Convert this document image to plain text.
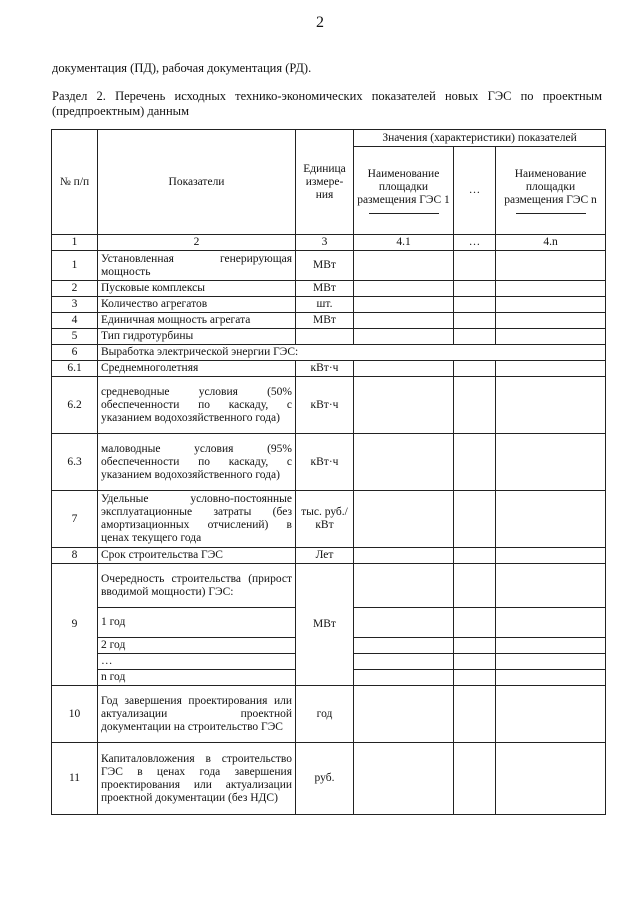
2
документация (ПД), рабочая документация (РД).
Раздел 2. Перечень исходных технико-экономических показателей новых ГЭС по проектным (предпроектным) данным
№ п/п	Показатели	Единица измере-ния	Значения (характеристики) показателей		
			Наименование площадки размещения ГЭС 1	…	Наименование площадки размещения ГЭС n

1	2	3	4.1	…	4.n
1	Установленная генерирующая мощность	МВт			
2	Пусковые комплексы	МВт			
3	Количество агрегатов	шт.			
4	Единичная мощность агрегата	МВт			
5	Тип гидротурбины				
6	Выработка электрической энергии ГЭС:				
6.1	Среднемноголетняя	кВт·ч			
6.2	средневодные условия (50% обеспеченности по каскаду, с указанием водохозяйственного года)	кВт·ч			
6.3	маловодные условия (95% обеспеченности по каскаду, с указанием водохозяйственного года)	кВт·ч			
7	Удельные условно-постоянные эксплуатационные затраты (без амортизационных отчислений) в ценах текущего года	тыс. руб./кВт			
8	Срок строительства ГЭС	Лет			
9	Очередность строительства (прирост вводимой мощности) ГЭС:	МВт			
	1 год				
	2 год				
	…				
	n год				
10	Год завершения проектирования или актуализации проектной документации на строительство ГЭС	год			
11	Капиталовложения в строительство ГЭС в ценах года завершения проектирования или актуализации проектной документации (без НДС)	руб.			
